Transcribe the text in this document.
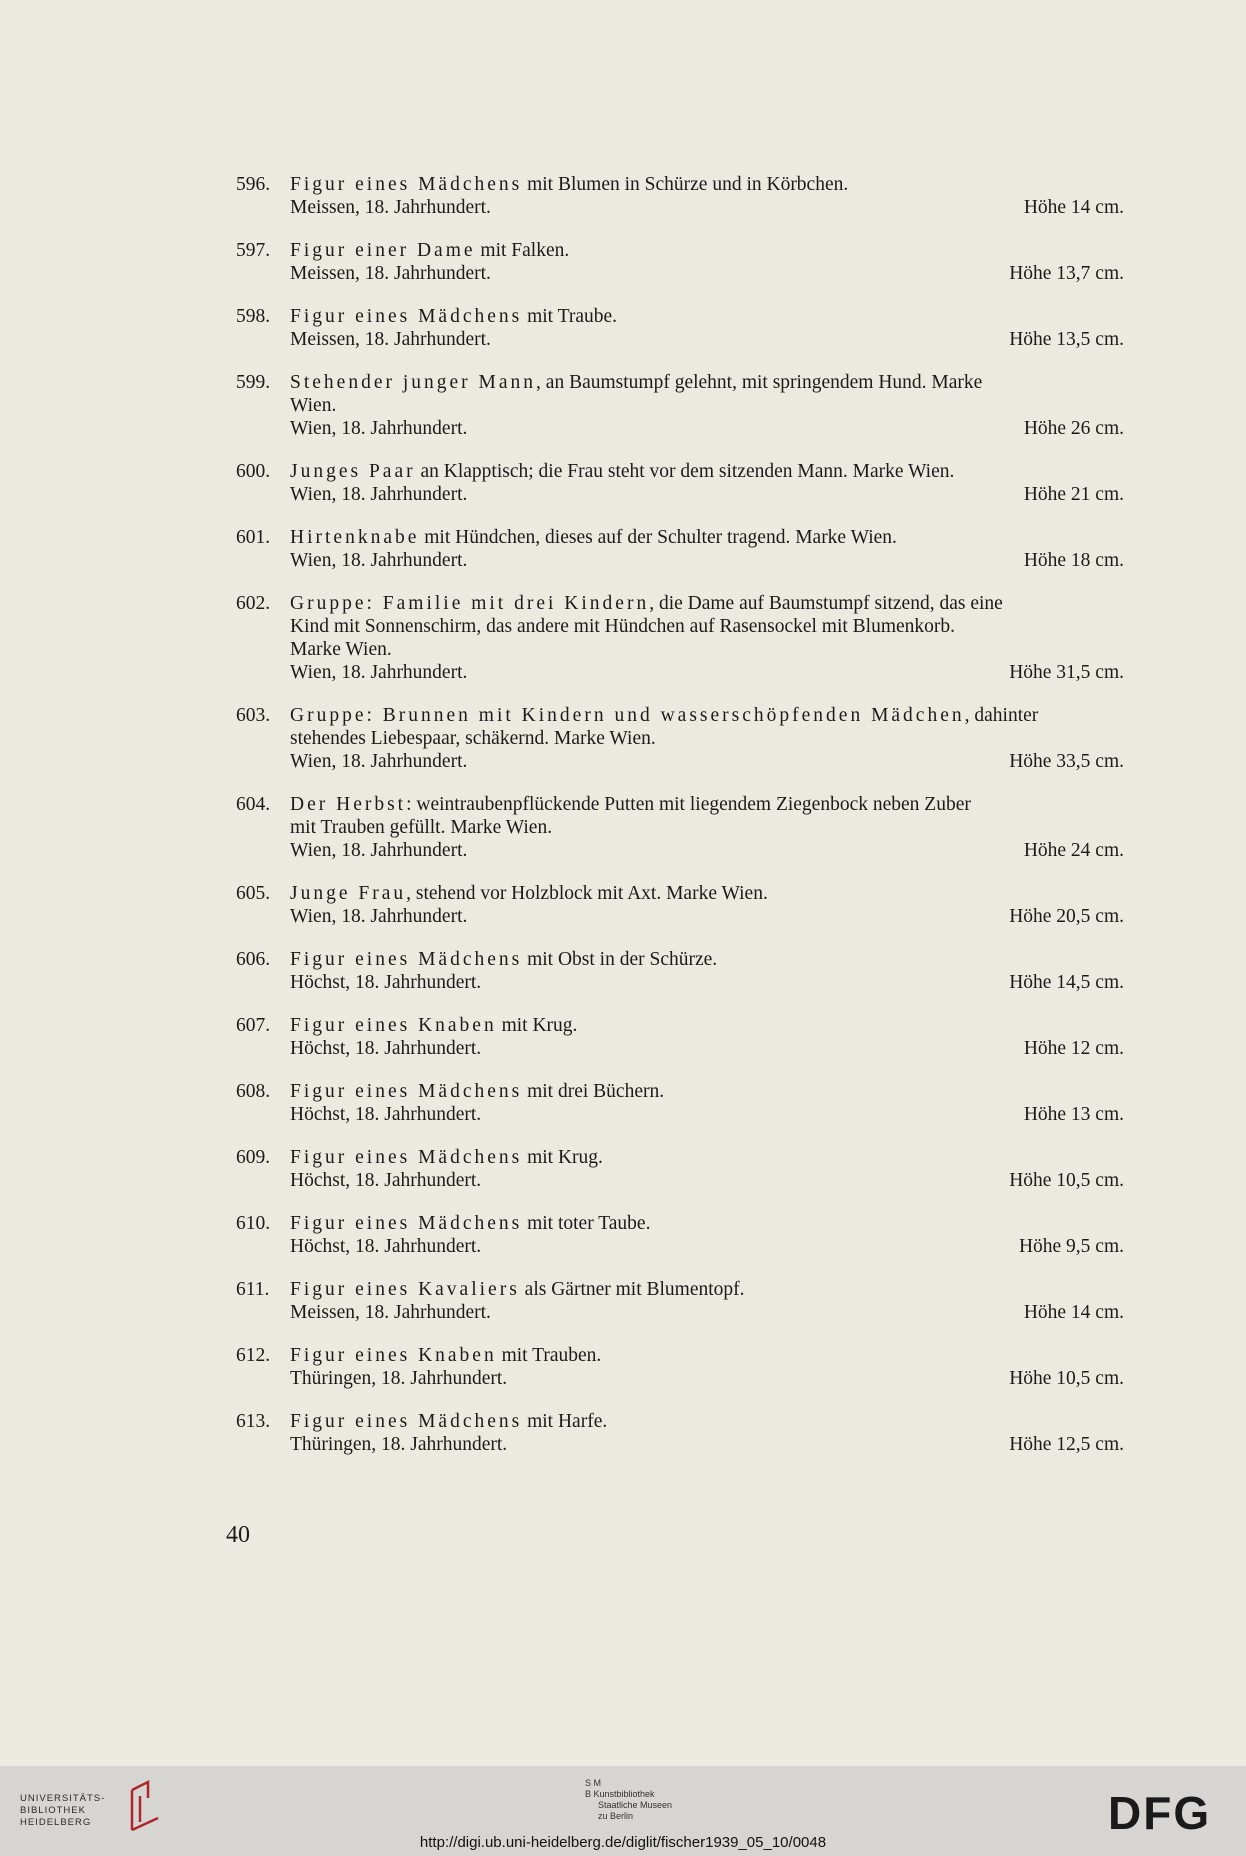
596. Figur eines Mädchens mit Blumen in Schürze und in Körbchen.
Meissen, 18. Jahrhundert.	Höhe 14 cm.
597. Figur einer Dame mit Falken.
Meissen, 18. Jahrhundert.	Höhe 13,7 cm.
598. Figur eines Mädchens mit Traube.
Meissen, 18. Jahrhundert.	Höhe 13,5 cm.
599. Stehender junger Mann, an Baumstumpf gelehnt, mit springendem Hund. Marke
Wien.
Wien, 18. Jahrhundert.	Höhe 26 cm.
600. Junges Paar an Klapptisch; die Frau steht vor dem sitzenden Mann. Marke Wien.
Wien, 18. Jahrhundert.	Höhe 21 cm.
601. Hirtenknabe mit Hündchen, dieses auf der Schulter tragend. Marke Wien.
Wien, 18. Jahrhundert.	Höhe 18 cm.
602. Gruppe: Familie mit drei Kindern, die Dame auf Baumstumpf sitzend, das eine
Kind mit Sonnenschirm, das andere mit Hündchen auf Rasensockel mit Blumenkorb.
Marke Wien.
Wien, 18. Jahrhundert.	Höhe 31,5 cm.
603. Gruppe: Brunnen mit Kindern und wasserschöpfenden Mädchen, dahinter
stehendes Liebespaar, schäkernd. Marke Wien.
Wien, 18. Jahrhundert.	Höhe 33,5 cm.
604. Der Herbst: weintraubenpflückende Putten mit liegendem Ziegenbock neben Zuber
mit Trauben gefüllt. Marke Wien.
Wien, 18. Jahrhundert.	Höhe 24 cm.
605. Junge Frau, stehend vor Holzblock mit Axt. Marke Wien.
Wien, 18. Jahrhundert.	Höhe 20,5 cm.
606. Figur eines Mädchens mit Obst in der Schürze.
Höchst, 18. Jahrhundert.	Höhe 14,5 cm.
607. Figur eines Knaben mit Krug.
Höchst, 18. Jahrhundert.	Höhe 12 cm.
608. Figur eines Mädchens mit drei Büchern.
Höchst, 18. Jahrhundert.	Höhe 13 cm.
609. Figur eines Mädchens mit Krug.
Höchst, 18. Jahrhundert.	Höhe 10,5 cm.
610. Figur eines Mädchens mit toter Taube.
Höchst, 18. Jahrhundert.	Höhe 9,5 cm.
611. Figur eines Kavaliers als Gärtner mit Blumentopf.
Meissen, 18. Jahrhundert.	Höhe 14 cm.
612. Figur eines Knaben mit Trauben.
Thüringen, 18. Jahrhundert.	Höhe 10,5 cm.
613. Figur eines Mädchens mit Harfe.
Thüringen, 18. Jahrhundert.	Höhe 12,5 cm.
40
UNIVERSITÄTS-
BIBLIOTHEK
HEIDELBERG
S M
B Kunstbibliothek
Staatliche Museen
zu Berlin	DFG
http://digi.ub.uni-heidelberg.de/diglit/fischer1939_05_10/0048
